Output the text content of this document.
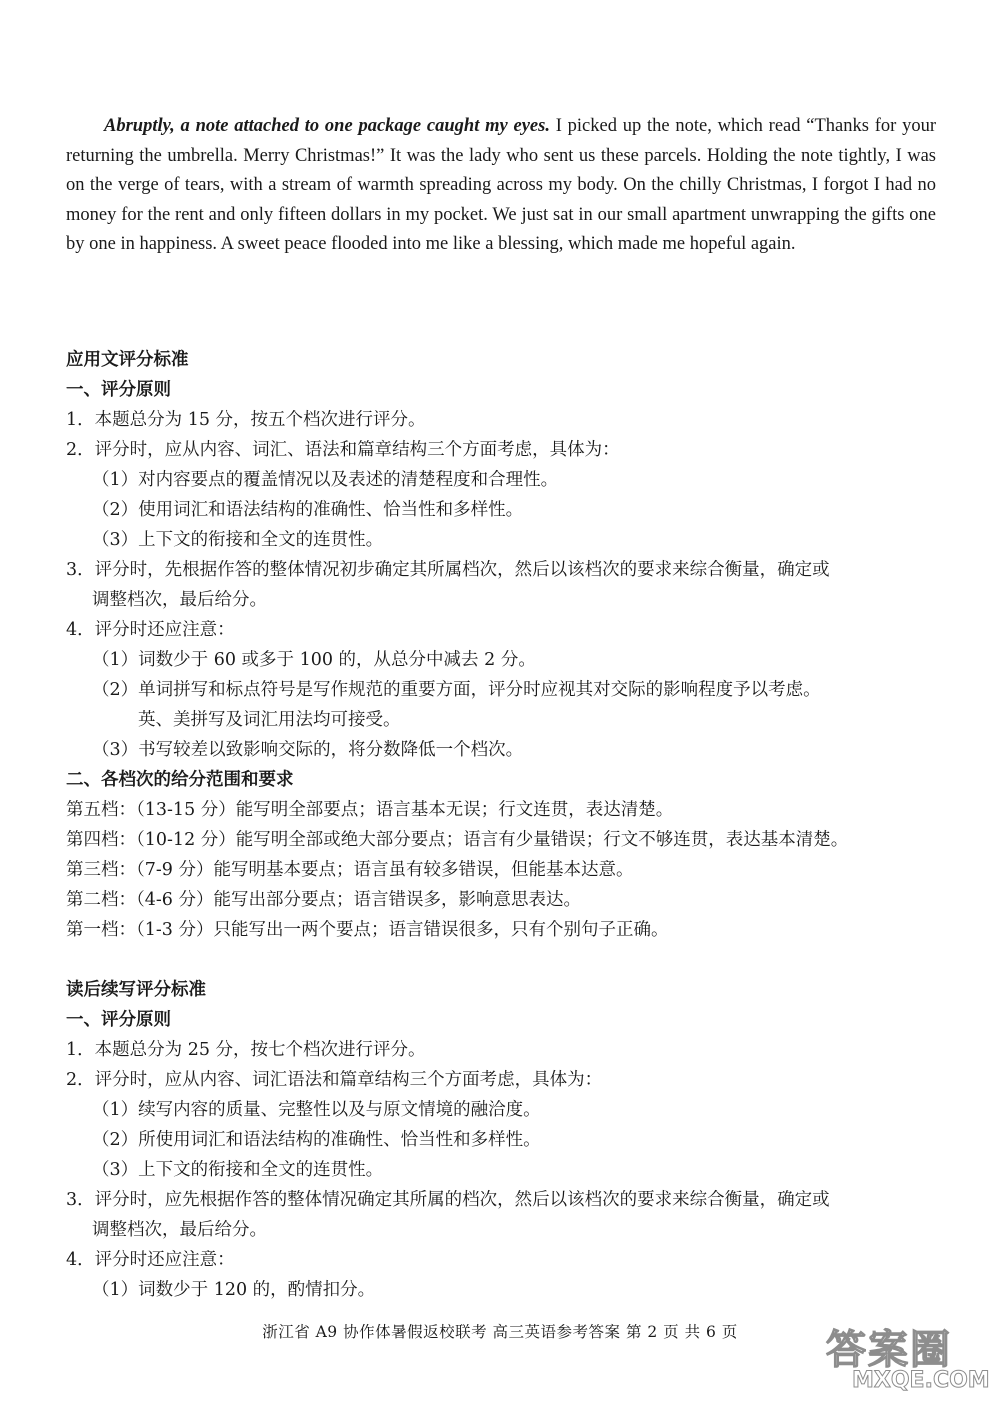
Abruptly, a note attached to one package caught my eyes. I picked up the note, which read “Thanks for your returning the umbrella. Merry Christmas!” It was the lady who sent us these parcels. Holding the note tightly, I was on the verge of tears, with a stream of warmth spreading across my body. On the chilly Christmas, I forgot I had no money for the rent and only fifteen dollars in my pocket. We just sat in our small apartment unwrapping the gifts one by one in happiness. A sweet peace flooded into me like a blessing, which made me hopeful again.

应用文评分标准
一、评分原则
1．本题总分为 15 分，按五个档次进行评分。
2．评分时，应从内容、词汇、语法和篇章结构三个方面考虑，具体为：
（1）对内容要点的覆盖情况以及表述的清楚程度和合理性。
（2）使用词汇和语法结构的准确性、恰当性和多样性。
（3）上下文的衔接和全文的连贯性。
3．评分时，先根据作答的整体情况初步确定其所属档次，然后以该档次的要求来综合衡量，确定或
调整档次，最后给分。
4．评分时还应注意：
（1）词数少于 60 或多于 100 的，从总分中减去 2 分。
（2）单词拼写和标点符号是写作规范的重要方面，评分时应视其对交际的影响程度予以考虑。
英、美拼写及词汇用法均可接受。
（3）书写较差以致影响交际的，将分数降低一个档次。
二、各档次的给分范围和要求
第五档：（13-15 分）能写明全部要点；语言基本无误；行文连贯，表达清楚。
第四档：（10-12 分）能写明全部或绝大部分要点；语言有少量错误；行文不够连贯，表达基本清楚。
第三档：（7-9 分）能写明基本要点；语言虽有较多错误，但能基本达意。
第二档：（4-6 分）能写出部分要点；语言错误多，影响意思表达。
第一档：（1-3 分）只能写出一两个要点；语言错误很多，只有个别句子正确。
读后续写评分标准
一、评分原则
1．本题总分为 25 分，按七个档次进行评分。
2．评分时，应从内容、词汇语法和篇章结构三个方面考虑，具体为：
（1）续写内容的质量、完整性以及与原文情境的融洽度。
（2）所使用词汇和语法结构的准确性、恰当性和多样性。
（3）上下文的衔接和全文的连贯性。
3．评分时，应先根据作答的整体情况确定其所属的档次，然后以该档次的要求来综合衡量，确定或
调整档次，最后给分。
4．评分时还应注意：
（1）词数少于 120 的，酌情扣分。
浙江省 A9 协作体暑假返校联考 高三英语参考答案 第 2 页 共 6 页	答案圈
MXQE.COM
